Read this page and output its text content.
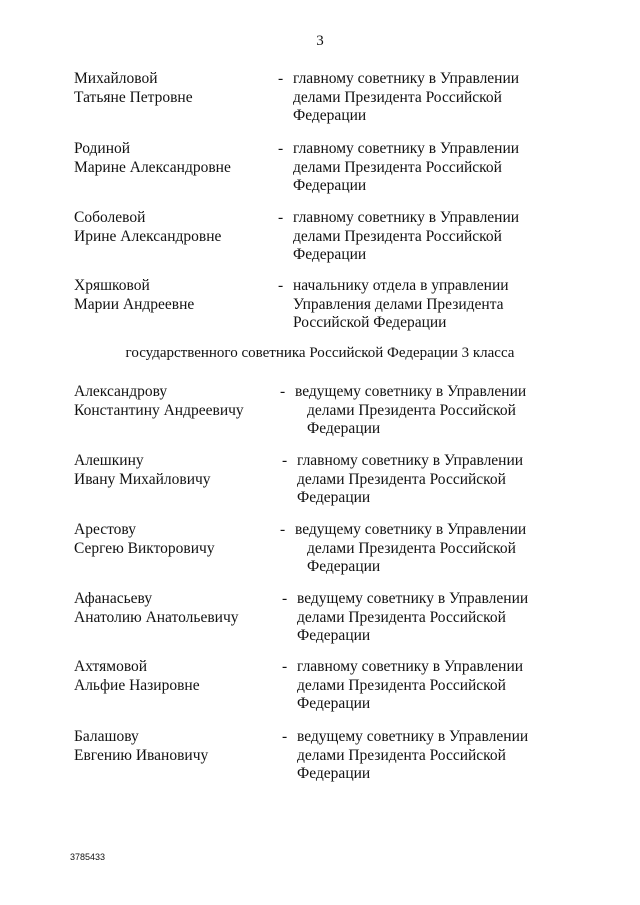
3
Михайловой
Татьяне Петровне
- главному советнику в Управлении
делами Президента Российской
Федерации
Родиной
Марине Александровне
- главному советнику в Управлении
делами Президента Российской
Федерации
Соболевой
Ирине Александровне
- главному советнику в Управлении
делами Президента Российской
Федерации
Хряшковой
Марии Андреевне
- начальнику отдела в управлении
Управления делами Президента
Российской Федерации
государственного советника Российской Федерации 3 класса
Александрову
Константину Андреевичу
- ведущему советнику в Управлении
делами Президента Российской
Федерации
Алешкину
Ивану Михайловичу
- главному советнику в Управлении
делами Президента Российской
Федерации
Арестову
Сергею Викторовичу
- ведущему советнику в Управлении
делами Президента Российской
Федерации
Афанасьеву
Анатолию Анатольевичу
- ведущему советнику в Управлении
делами Президента Российской
Федерации
Ахтямовой
Альфие Назировне
- главному советнику в Управлении
делами Президента Российской
Федерации
Балашову
Евгению Ивановичу
- ведущему советнику в Управлении
делами Президента Российской
Федерации
3785433
